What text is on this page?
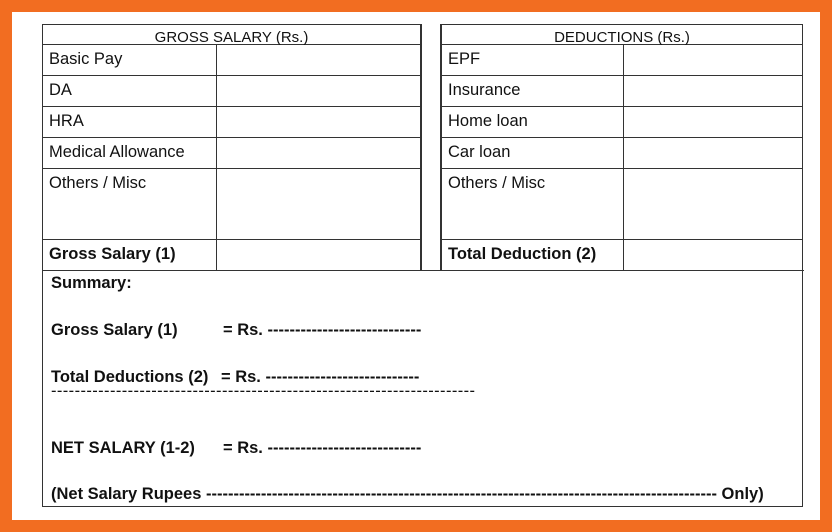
GROSS SALARY (Rs.)	
Basic Pay	
DA	
HRA	
Medical Allowance	
Others / Misc	
Gross Salary (1)	
DEDUCTIONS (Rs.)	
EPF	
Insurance	
Home loan	
Car loan	
Others / Misc	
Total Deduction (2)	
Summary:
Gross Salary (1)	= Rs. ----------------------------
Total Deductions (2) = Rs. ----------------------------
------------------------------------------------------------------------
NET SALARY (1-2) = Rs. ----------------------------
(Net Salary Rupees --------------------------------------------------------------------------------------------- Only)
